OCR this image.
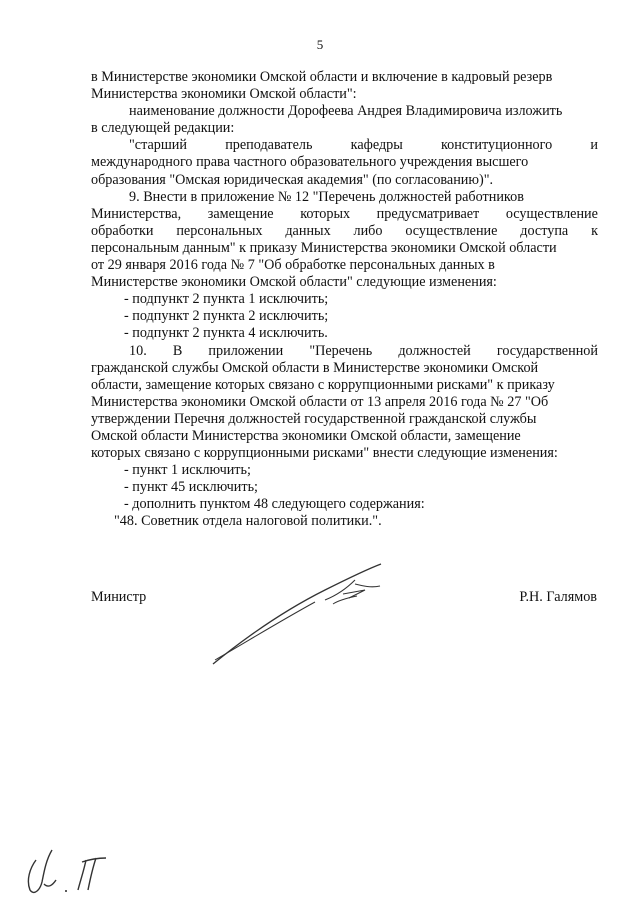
5
в Министерстве экономики Омской области и включение в кадровый резерв
Министерства экономики Омской области":
наименование должности Дорофеева Андрея Владимировича изложить
в следующей редакции:
"старший	преподаватель	кафедры	конституционного	и
международного права частного образовательного учреждения высшего
образования "Омская юридическая академия" (по согласованию)".
9. Внести в приложение № 12 "Перечень должностей работников
Министерства, замещение которых предусматривает осуществление
обработки персональных данных либо осуществление доступа к
персональным данным" к приказу Министерства экономики Омской области
от 29 января 2016 года № 7 "Об обработке персональных данных в
Министерстве экономики Омской области" следующие изменения:
- подпункт 2 пункта 1 исключить;
- подпункт 2 пункта 2 исключить;
- подпункт 2 пункта 4 исключить.
10. В приложении "Перечень должностей государственной
гражданской службы Омской области в Министерстве экономики Омской
области, замещение которых связано с коррупционными рисками" к приказу
Министерства экономики Омской области от 13 апреля 2016 года № 27 "Об
утверждении Перечня должностей государственной гражданской службы
Омской области Министерства экономики Омской области, замещение
которых связано с коррупционными рисками" внести следующие изменения:
- пункт 1 исключить;
- пункт 45 исключить;
- дополнить пунктом 48 следующего содержания:
"48. Советник отдела налоговой политики.".
Министр	Р.Н. Галямов
